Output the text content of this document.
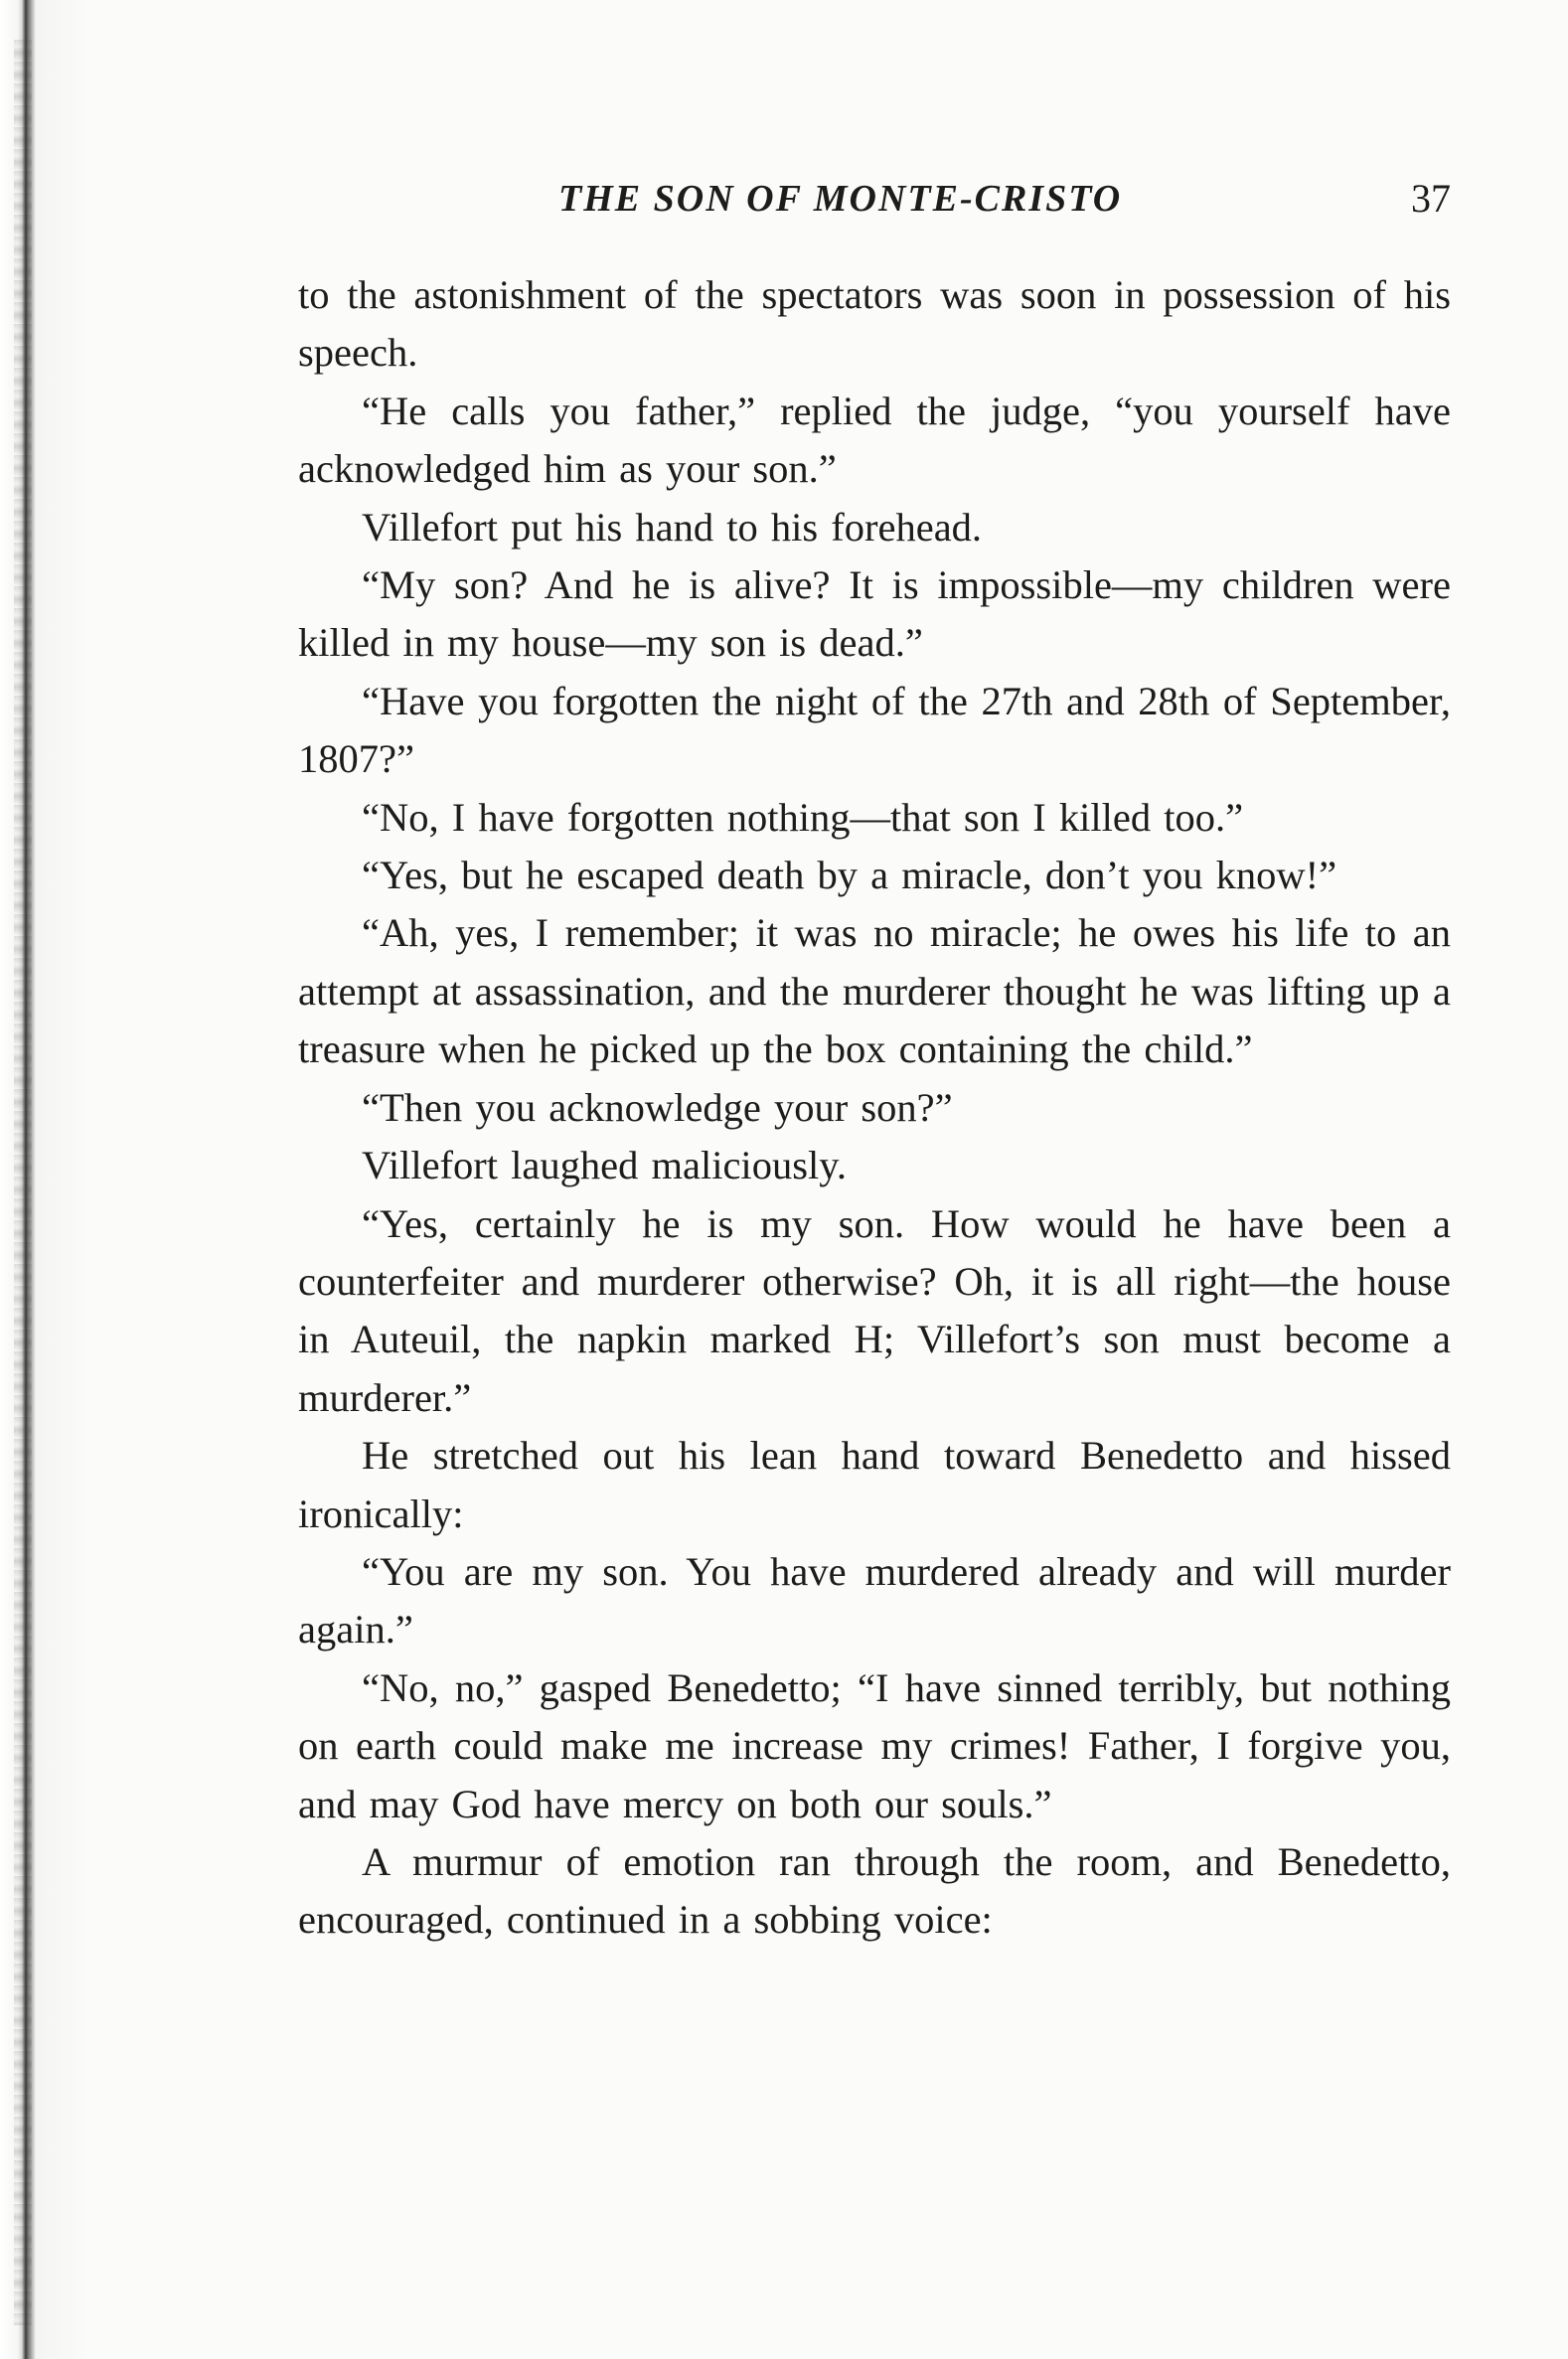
THE SON OF MONTE-CRISTO	37

to the astonishment of the spectators was soon in possession of his speech.

“He calls you father,” replied the judge, “you yourself have acknowledged him as your son.”

Villefort put his hand to his forehead.

“My son? And he is alive? It is impossible—my children were killed in my house—my son is dead.”

“Have you forgotten the night of the 27th and 28th of September, 1807?”

“No, I have forgotten nothing—that son I killed too.”

“Yes, but he escaped death by a miracle, don’t you know!”

“Ah, yes, I remember; it was no miracle; he owes his life to an attempt at assassination, and the murderer thought he was lifting up a treasure when he picked up the box containing the child.”

“Then you acknowledge your son?”

Villefort laughed maliciously.

“Yes, certainly he is my son. How would he have been a counterfeiter and murderer otherwise? Oh, it is all right—the house in Auteuil, the napkin marked H; Villefort’s son must become a murderer.”

He stretched out his lean hand toward Benedetto and hissed ironically:

“You are my son. You have murdered already and will murder again.”

“No, no,” gasped Benedetto; “I have sinned terribly, but nothing on earth could make me increase my crimes! Father, I forgive you, and may God have mercy on both our souls.”

A murmur of emotion ran through the room, and Benedetto, encouraged, continued in a sobbing voice:
